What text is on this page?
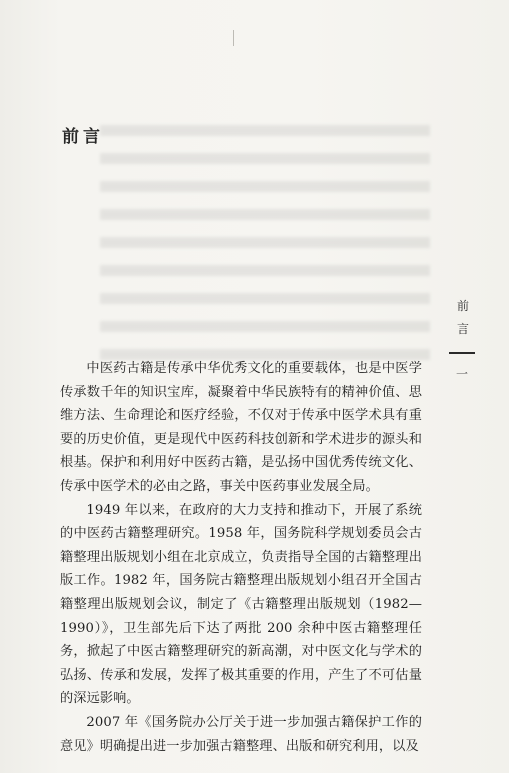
前言

中医药古籍是传承中华优秀文化的重要载体，也是中医学传承数千年的知识宝库，凝聚着中华民族特有的精神价值、思维方法、生命理论和医疗经验，不仅对于传承中医学术具有重要的历史价值，更是现代中医药科技创新和学术进步的源头和根基。保护和利用好中医药古籍，是弘扬中国优秀传统文化、传承中医学术的必由之路，事关中医药事业发展全局。

1949 年以来，在政府的大力支持和推动下，开展了系统的中医药古籍整理研究。1958 年，国务院科学规划委员会古籍整理出版规划小组在北京成立，负责指导全国的古籍整理出版工作。1982 年，国务院古籍整理出版规划小组召开全国古籍整理出版规划会议，制定了《古籍整理出版规划（1982—1990）》，卫生部先后下达了两批 200 余种中医古籍整理任务，掀起了中医古籍整理研究的新高潮，对中医文化与学术的弘扬、传承和发展，发挥了极其重要的作用，产生了不可估量的深远影响。

2007 年《国务院办公厅关于进一步加强古籍保护工作的意见》明确提出进一步加强古籍整理、出版和研究利用，以及

前
言
一
